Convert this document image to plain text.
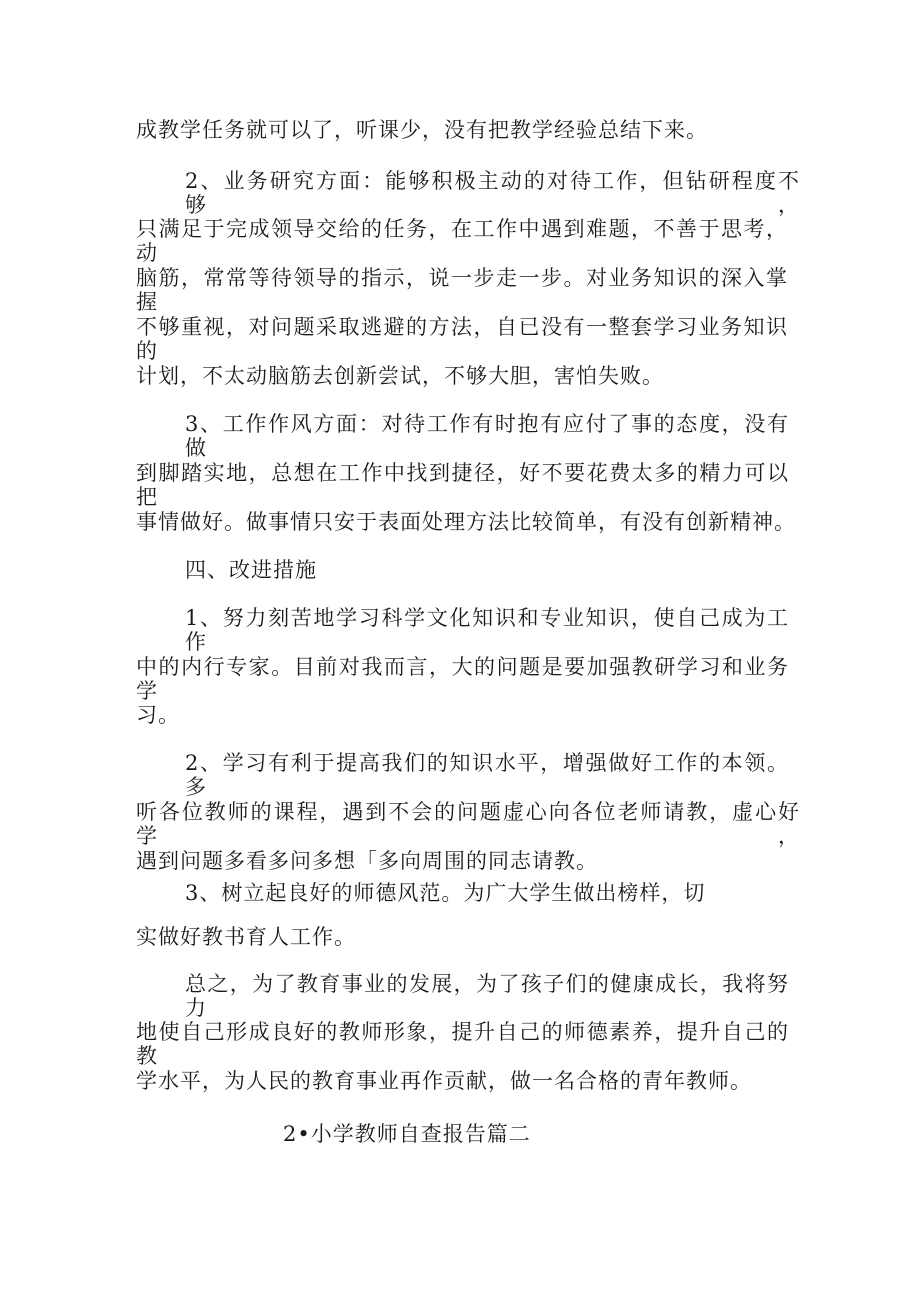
成教学任务就可以了，听课少，没有把教学经验总结下来。
2、业务研究方面：能够积极主动的对待工作，但钻研程度不够，
只满足于完成领导交给的任务，在工作中遇到难题，不善于思考，动
脑筋，常常等待领导的指示，说一步走一步。对业务知识的深入掌握
不够重视，对问题采取逃避的方法，自已没有一整套学习业务知识的
计划，不太动脑筋去创新尝试，不够大胆，害怕失败。
3、工作作风方面：对待工作有时抱有应付了事的态度，没有做
到脚踏实地，总想在工作中找到捷径，好不要花费太多的精力可以把
事情做好。做事情只安于表面处理方法比较简单，有没有创新精神。
四、改进措施
1、努力刻苦地学习科学文化知识和专业知识，使自己成为工作
中的内行专家。目前对我而言，大的问题是要加强教研学习和业务学
习。
2、学习有利于提高我们的知识水平，增强做好工作的本领。多
听各位教师的课程，遇到不会的问题虚心向各位老师请教，虚心好学，
遇到问题多看多问多想「多向周围的同志请教。
3、树立起良好的师德风范。为广大学生做出榜样，切
实做好教书育人工作。
总之，为了教育事业的发展，为了孩子们的健康成长，我将努力
地使自己形成良好的教师形象，提升自己的师德素养，提升自己的教
学水平，为人民的教育事业再作贡献，做一名合格的青年教师。
2•小学教师自查报告篇二
